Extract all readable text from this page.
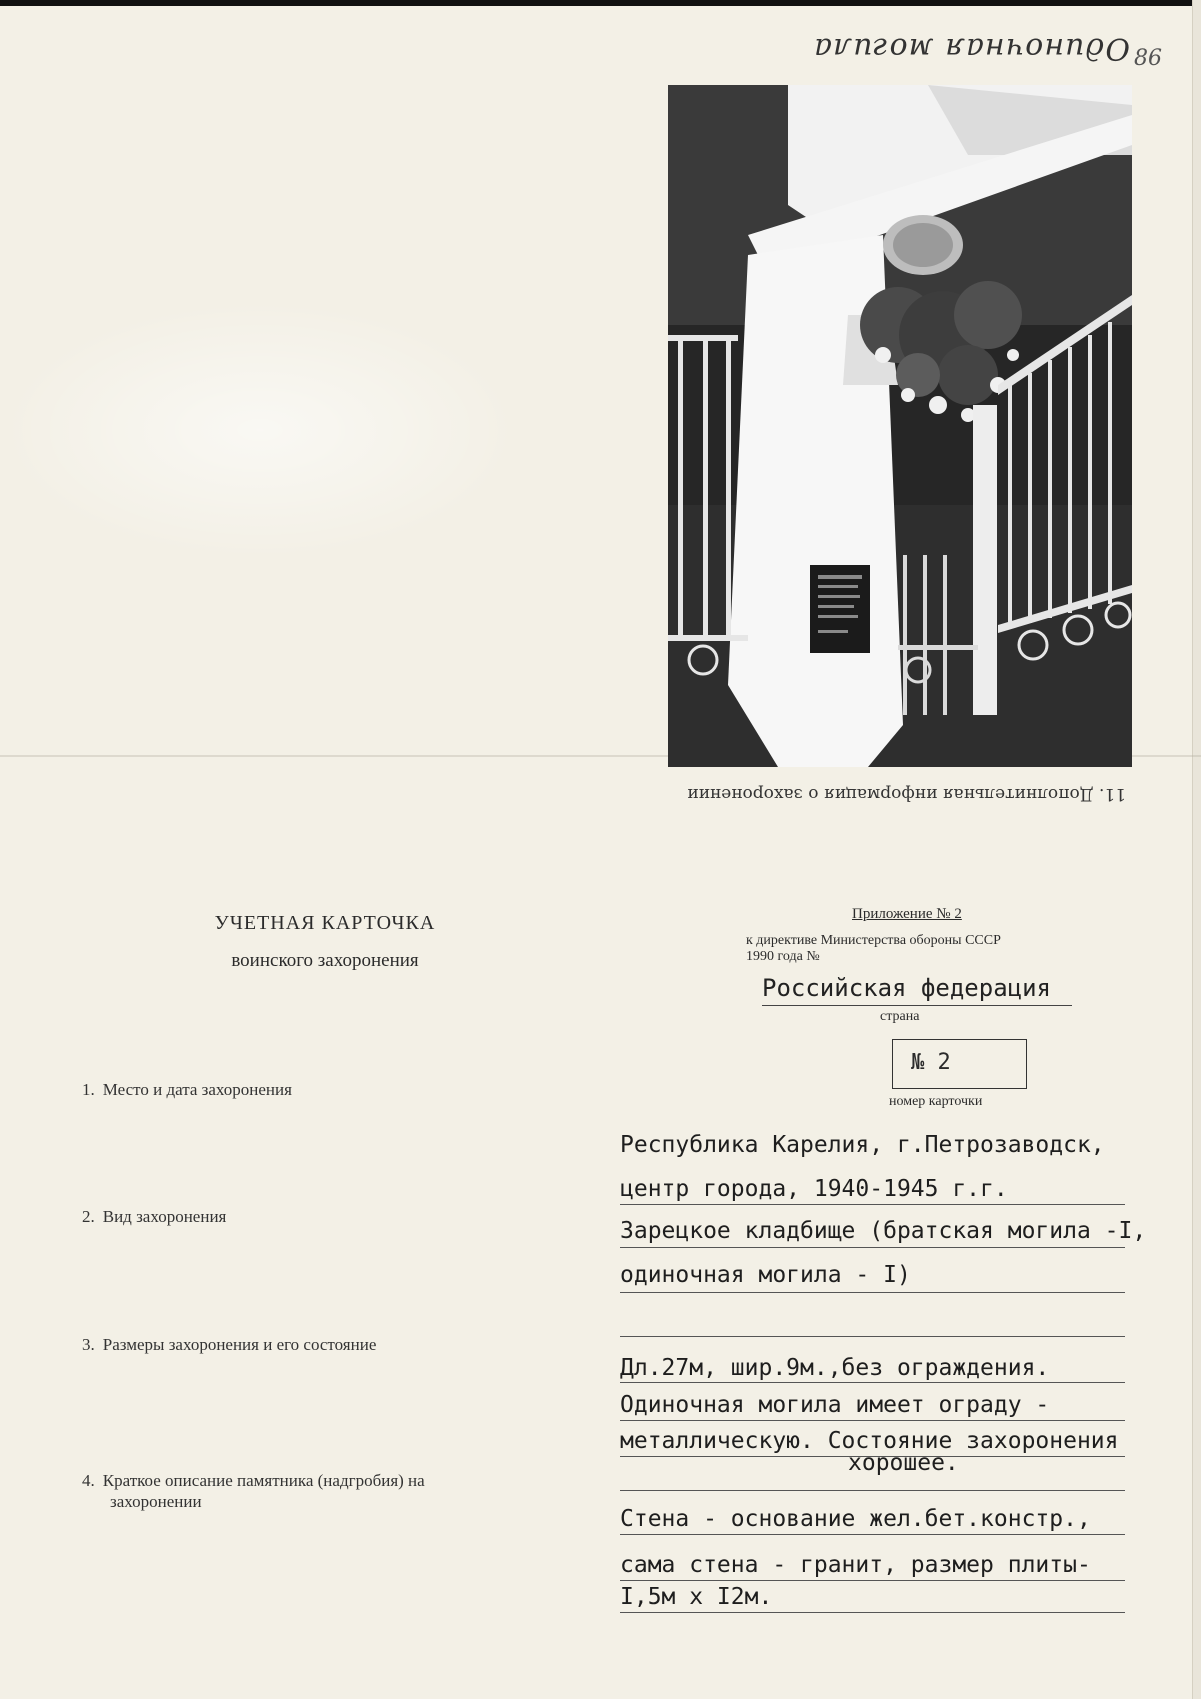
Одиночная могила 86
11. Дополнительная информация о захоронении
УЧЕТНАЯ КАРТОЧКА
воинского захоронения
Приложение № 2
к директиве Министерства обороны СССР
1990 года №
Российская федерация
страна
№ 2
номер карточки
1. Место и дата захоронения
2. Вид захоронения
3. Размеры захоронения и его состояние
4. Краткое описание памятника (надгробия) на
захоронении
Республика Карелия, г.Петрозаводск,
центр города, 1940-1945 г.г.
Зарецкое кладбище (братская могила -I,
одиночная могила - I)
Дл.27м, шир.9м.,без ограждения.
Одиночная могила имеет ограду -
металлическую. Состояние захоронения
хорошее.
Стена - основание жел.бет.констр.,
сама стена - гранит, размер плиты-
I,5м х I2м.
